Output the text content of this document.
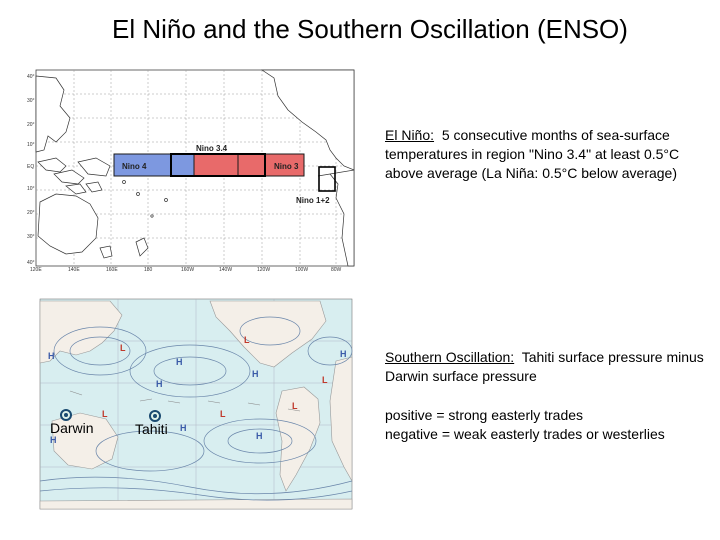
El Niño and the Southern Oscillation (ENSO)
Nino 3.4
Nino 4	Nino 3
Nino 1+2
40°
30°
20°
10°
EQ
10°
20°
30°
40°
120E	140E	160E	180	160W	140W	120W	100W	80W
H
L
H
H
L
H
H
L	L
L
L
H
H
H
Darwin	Tahiti
El Niño: 5 consecutive months of sea-surface temperatures in region "Nino 3.4" at least 0.5°C above average (La Niña: 0.5°C below average)
Southern Oscillation: Tahiti surface pressure minus Darwin surface pressure
positive = strong easterly trades
negative = weak easterly trades or westerlies
